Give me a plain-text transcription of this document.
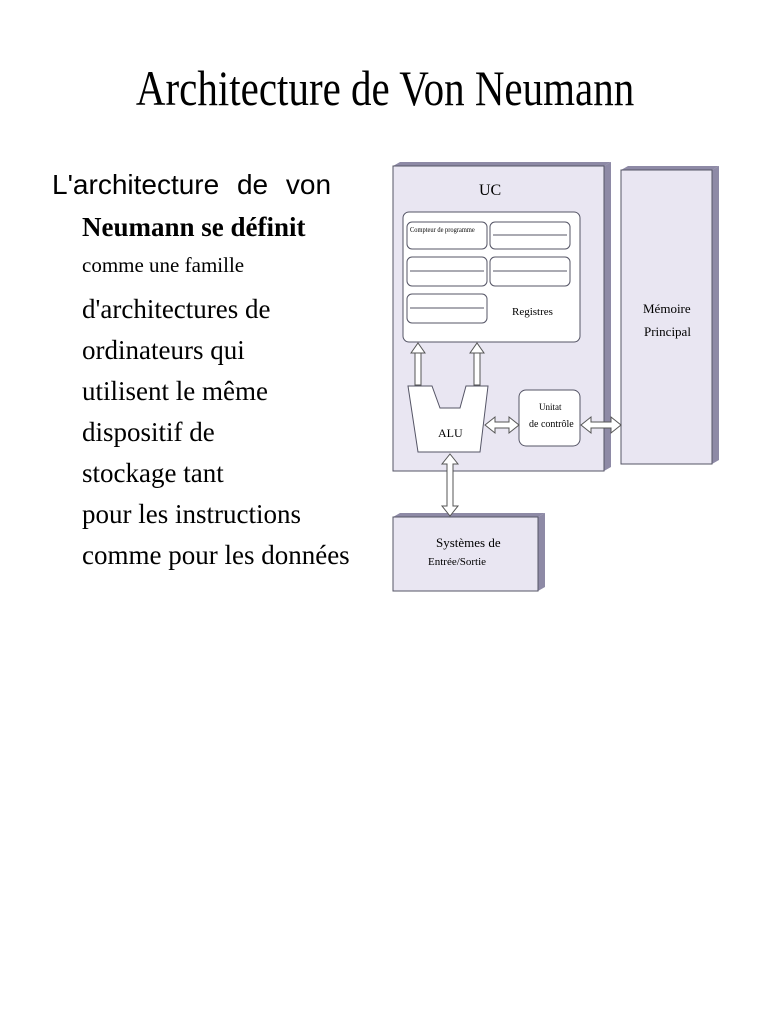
Architecture de Von Neumann
L'architecture de von
Neumann se définit
comme une famille
d'architectures de
ordinateurs qui
utilisent le même
dispositif de
stockage tant
pour les instructions
comme pour les données
UC
Compteur de programme
Registres
ALU
Unitat
de contrôle
Mémoire
Principal
Systèmes de
Entrée/Sortie
